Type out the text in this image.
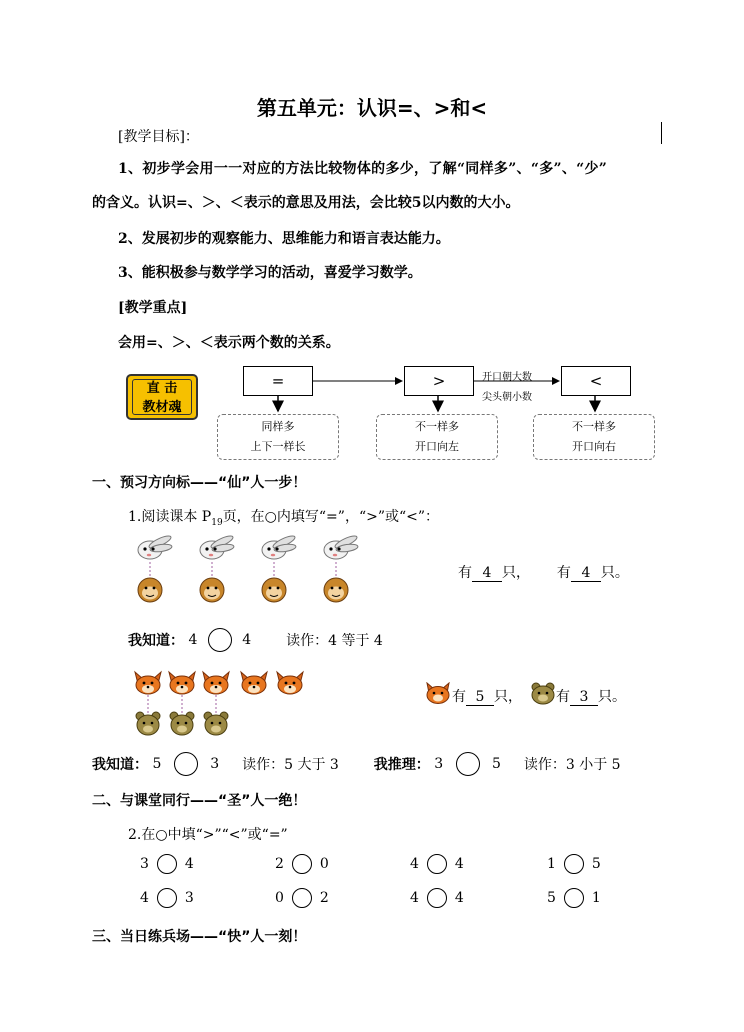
第五单元：认识=、>和<
[教学目标]：
1、初步学会用一一对应的方法比较物体的多少，了解“同样多”、“多”、“少”
的含义。认识=、＞、＜表示的意思及用法，会比较5以内数的大小。
2、发展初步的观察能力、思维能力和语言表达能力。
3、能积极参与数学学习的活动，喜爱学习数学。
[教学重点]
会用=、＞、＜表示两个数的关系。
直 击
教材魂
=	>	<
开口朝大数
尖头朝小数
同样多
上下一样长
不一样多
开口向左
不一样多
开口向右
一、预习方向标——“仙”人一步！
1.阅读课本 $P_{19}$页，在○内填写“=”，“>”或“<”：
有 4 只， 有 4 只。
我知道： 4	4 读作：4 等于 4
有 5 只， 有 3 只。
我知道： 5	3 读作：5 大于 3 我推理： 3	5 读作：3 小于 5
二、与课堂同行——“圣”人一绝！
2.在○中填“>”“<”或“=”
3	4	2	0	4	4	1	5
4	3	0	2	4	4	5	1
三、当日练兵场——“快”人一刻！
